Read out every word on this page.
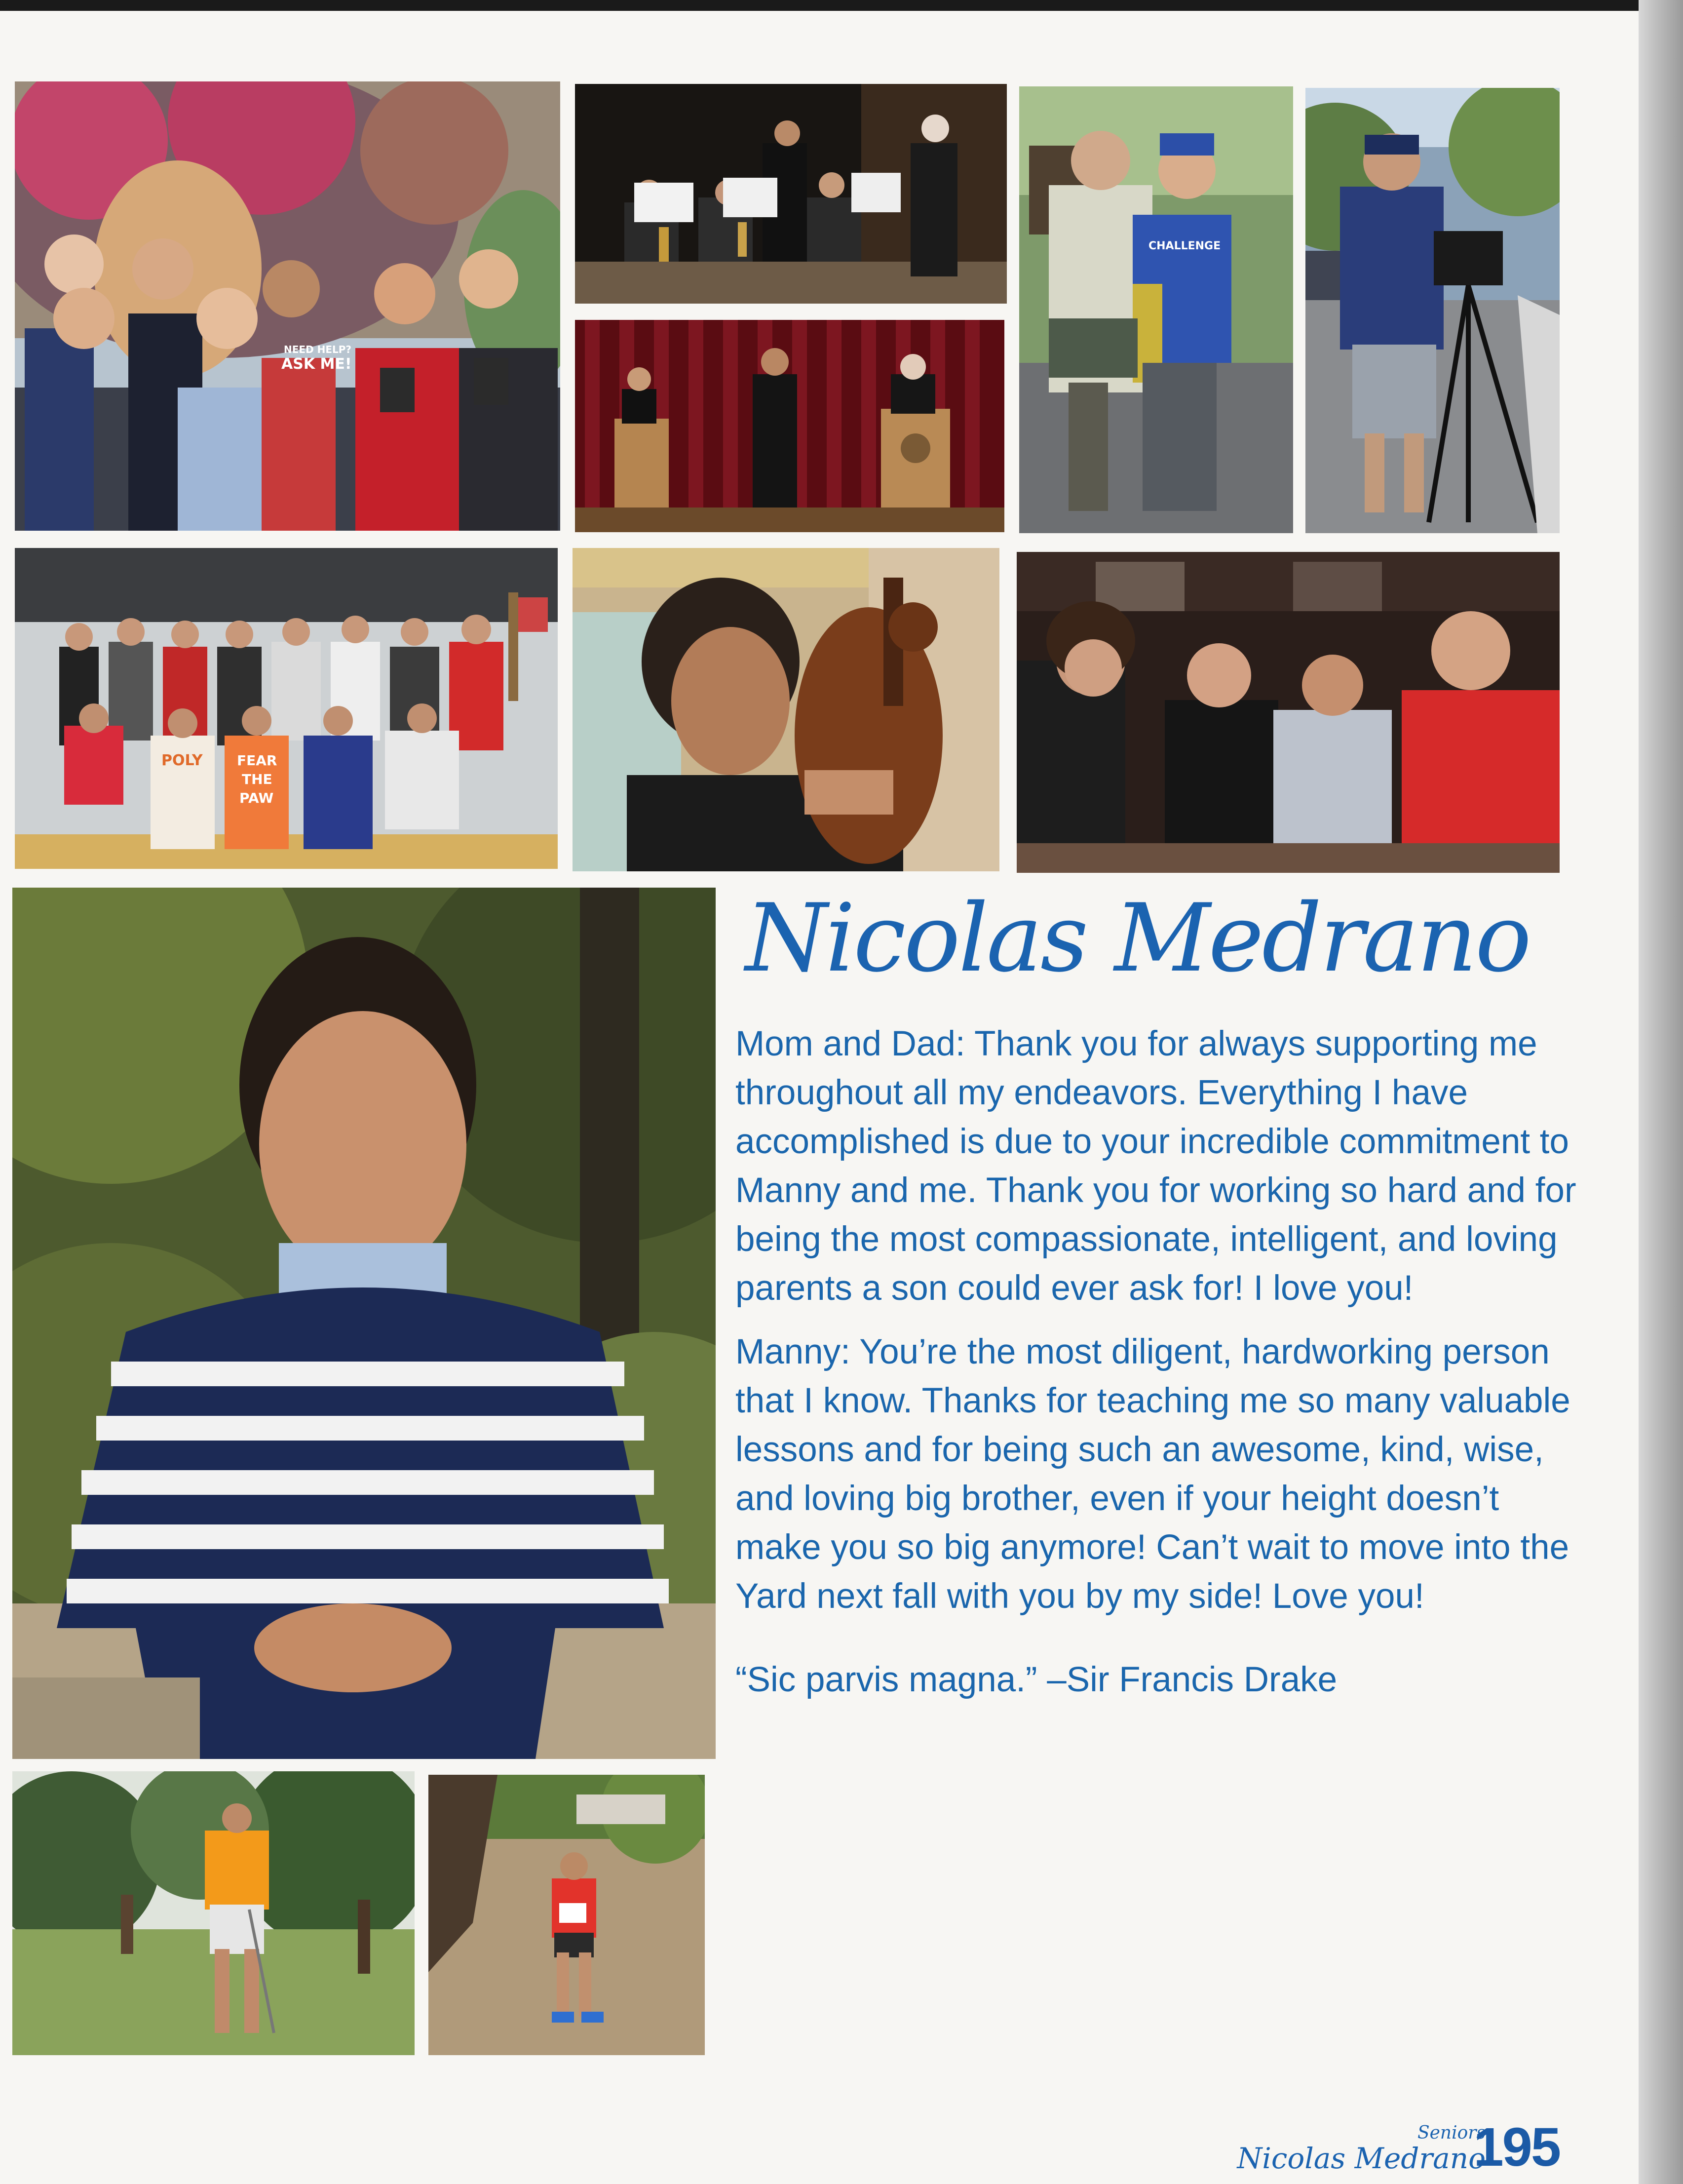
NEED HELP?
ASK ME!
CHALLENGE
POLY FEAR
THE
PAW
Nicolas Medrano

Mom and Dad: Thank you for always supporting me throughout all my endeavors. Everything I have accomplished is due to your incredible commitment to Manny and me. Thank you for working so hard and for being the most compassionate, intelligent, and loving parents a son could ever ask for! I love you!

Manny: You’re the most diligent, hardworking person that I know. Thanks for teaching me so many valuable lessons and for being such an awesome, kind, wise, and loving big brother, even if your height doesn’t make you so big anymore! Can’t wait to move into the Yard next fall with you by my side! Love you!

“Sic parvis magna.” –Sir Francis Drake

Seniors
Nicolas Medrano
195
